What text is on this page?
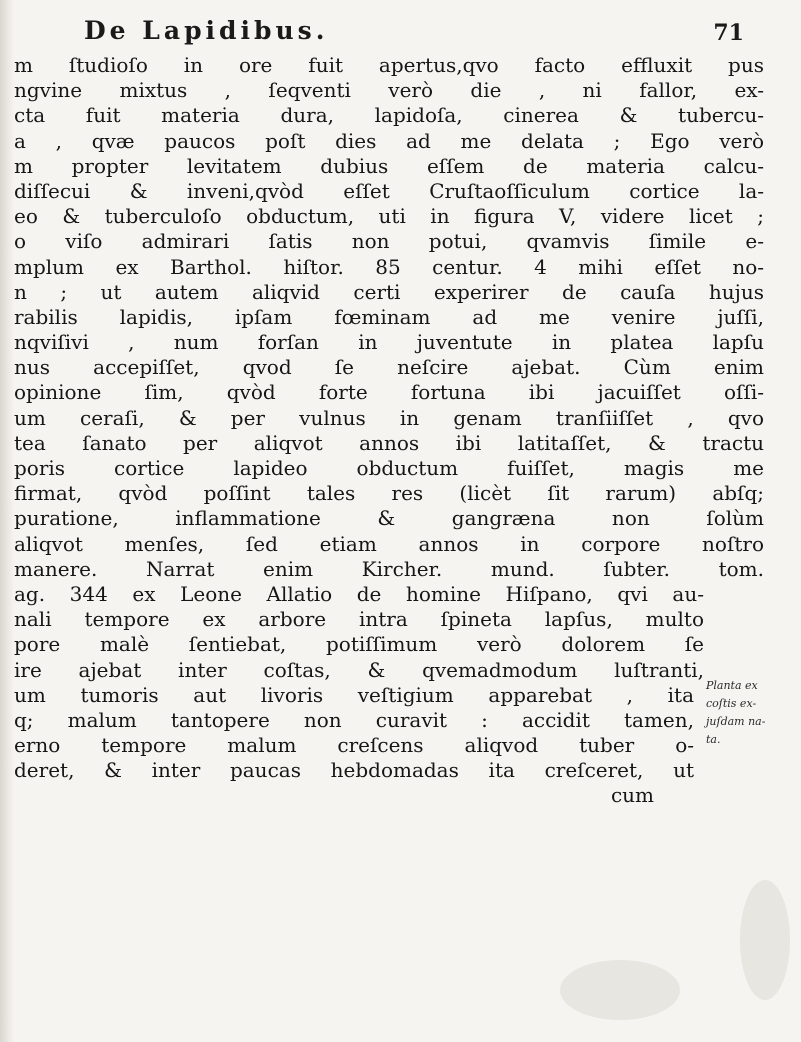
De Lapidibus.	71
m ſtudioſo in ore fuit apertus,qvo facto effluxit pus
ngvine mixtus , ſeqventi verò die , ni fallor, ex-
cta fuit materia dura, lapidoſa, cinerea & tubercu-
a , qvæ paucos poſt dies ad me delata ; Ego verò
m propter levitatem dubius eſſem de materia calcu-
diſſecui & inveni,qvòd eſſet Cruſtaoſſiculum cortice la-
eo & tuberculoſo obductum, uti in figura V, videre licet ;
o viſo admirari ſatis non potui, qvamvis ſimile e-
mplum ex Barthol. hiſtor. 85 centur. 4 mihi eſſet no-
n ; ut autem aliqvid certi experirer de cauſa hujus
rabilis lapidis, ipſam fœminam ad me venire juſſi,
nqviſivi , num forſan in juventute in platea lapſu
nus accepiſſet, qvod ſe neſcire ajebat. Cùm enim
opinione ſim, qvòd forte fortuna ibi jacuiſſet oſſi-
um ceraſi, & per vulnus in genam tranſiiſſet , qvo
tea ſanato per aliqvot annos ibi latitaſſet, & tractu
poris cortice lapideo obductum fuiſſet, magis me
firmat, qvòd poſſint tales res (licèt ſit rarum) abſq;
puratione, inflammatione & gangræna non ſolùm
aliqvot menſes, ſed etiam annos in corpore noſtro
manere. Narrat enim Kircher. mund. ſubter. tom.
ag. 344 ex Leone Allatio de homine Hiſpano, qvi au-
nali tempore ex arbore intra ſpineta lapſus, multo
pore malè ſentiebat, potiſſimum verò dolorem ſe
ire ajebat inter coſtas, & qvemadmodum luſtranti,
um tumoris aut livoris veſtigium apparebat , ita
q; malum tantopere non curavit : accidit tamen,
erno tempore malum creſcens aliqvod tuber o-
deret, & inter paucas hebdomadas ita creſceret, ut
cum
Planta ex
coſtis ex-
juſdam na-
ta.
